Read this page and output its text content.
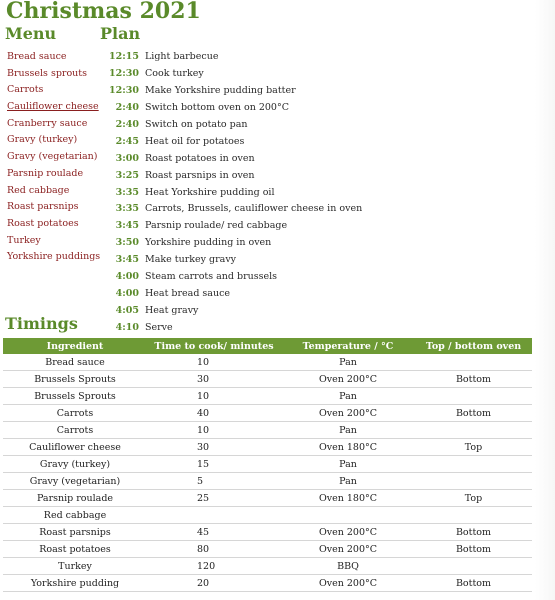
Christmas 2021
Menu	Plan
Bread sauce
Brussels sprouts
Carrots
Cauliflower cheese
Cranberry sauce
Gravy (turkey)
Gravy (vegetarian)
Parsnip roulade
Red cabbage
Roast parsnips
Roast potatoes
Turkey
Yorkshire puddings
12:15 Light barbecue
12:30 Cook turkey
12:30 Make Yorkshire pudding batter
2:40 Switch bottom oven on 200°C
2:40 Switch on potato pan
2:45 Heat oil for potatoes
3:00 Roast potatoes in oven
3:25 Roast parsnips in oven
3:35 Heat Yorkshire pudding oil
3:35 Carrots, Brussels, cauliflower cheese in oven
3:45 Parsnip roulade/ red cabbage
3:50 Yorkshire pudding in oven
3:45 Make turkey gravy
4:00 Steam carrots and brussels
4:00 Heat bread sauce
4:05 Heat gravy
4:10 Serve
Timings
Ingredient	Time to cook/ minutes	Temperature / °C	Top / bottom oven
Bread sauce	10	Pan	
Brussels Sprouts	30	Oven 200°C	Bottom
Brussels Sprouts	10	Pan	
Carrots	40	Oven 200°C	Bottom
Carrots	10	Pan	
Cauliflower cheese	30	Oven 180°C	Top
Gravy (turkey)	15	Pan	
Gravy (vegetarian)	5	Pan	
Parsnip roulade	25	Oven 180°C	Top
Red cabbage			
Roast parsnips	45	Oven 200°C	Bottom
Roast potatoes	80	Oven 200°C	Bottom
Turkey	120	BBQ	
Yorkshire pudding	20	Oven 200°C	Bottom
